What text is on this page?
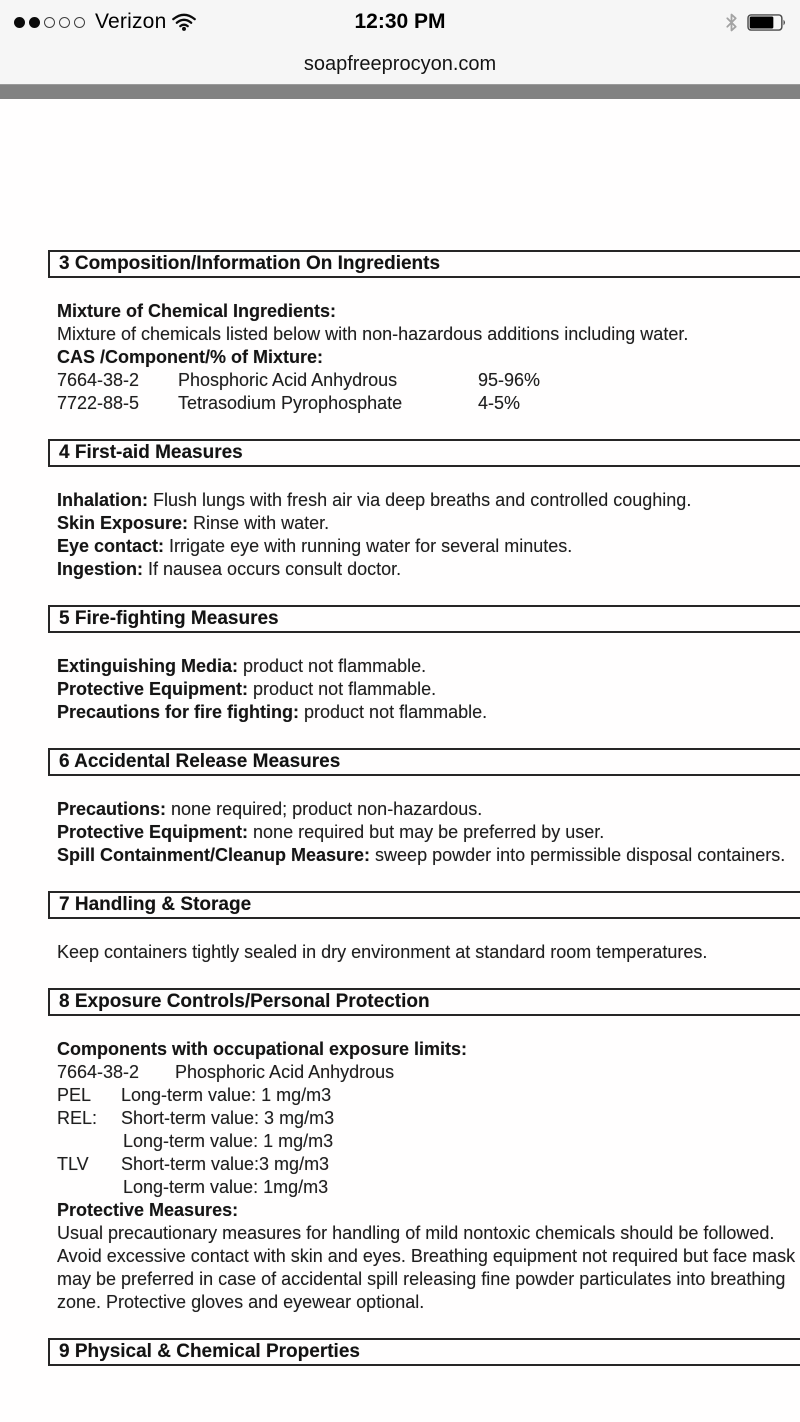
Verizon	12:30 PM
soapfreeprocyon.com
3 Composition/Information On Ingredients
Mixture of Chemical Ingredients:
Mixture of chemicals listed below with non-hazardous additions including water.
CAS /Component/% of Mixture:
7664-38-2 Phosphoric Acid Anhydrous	95-96%
7722-88-5 Tetrasodium Pyrophosphate	4-5%
4 First-aid Measures
Inhalation: Flush lungs with fresh air via deep breaths and controlled coughing.
Skin Exposure: Rinse with water.
Eye contact: Irrigate eye with running water for several minutes.
Ingestion: If nausea occurs consult doctor.
5 Fire-fighting Measures
Extinguishing Media: product not flammable.
Protective Equipment: product not flammable.
Precautions for fire fighting: product not flammable.
6 Accidental Release Measures
Precautions: none required; product non-hazardous.
Protective Equipment: none required but may be preferred by user.
Spill Containment/Cleanup Measure: sweep powder into permissible disposal containers.
7 Handling & Storage
Keep containers tightly sealed in dry environment at standard room temperatures.
8 Exposure Controls/Personal Protection
Components with occupational exposure limits:
7664-38-2 Phosphoric Acid Anhydrous
PEL Long-term value: 1 mg/m3
REL: Short-term value: 3 mg/m3
Long-term value: 1 mg/m3
TLV Short-term value:3 mg/m3
Long-term value: 1mg/m3
Protective Measures:
Usual precautionary measures for handling of mild nontoxic chemicals should be followed.
Avoid excessive contact with skin and eyes. Breathing equipment not required but face mask
may be preferred in case of accidental spill releasing fine powder particulates into breathing
zone. Protective gloves and eyewear optional.
9 Physical & Chemical Properties
